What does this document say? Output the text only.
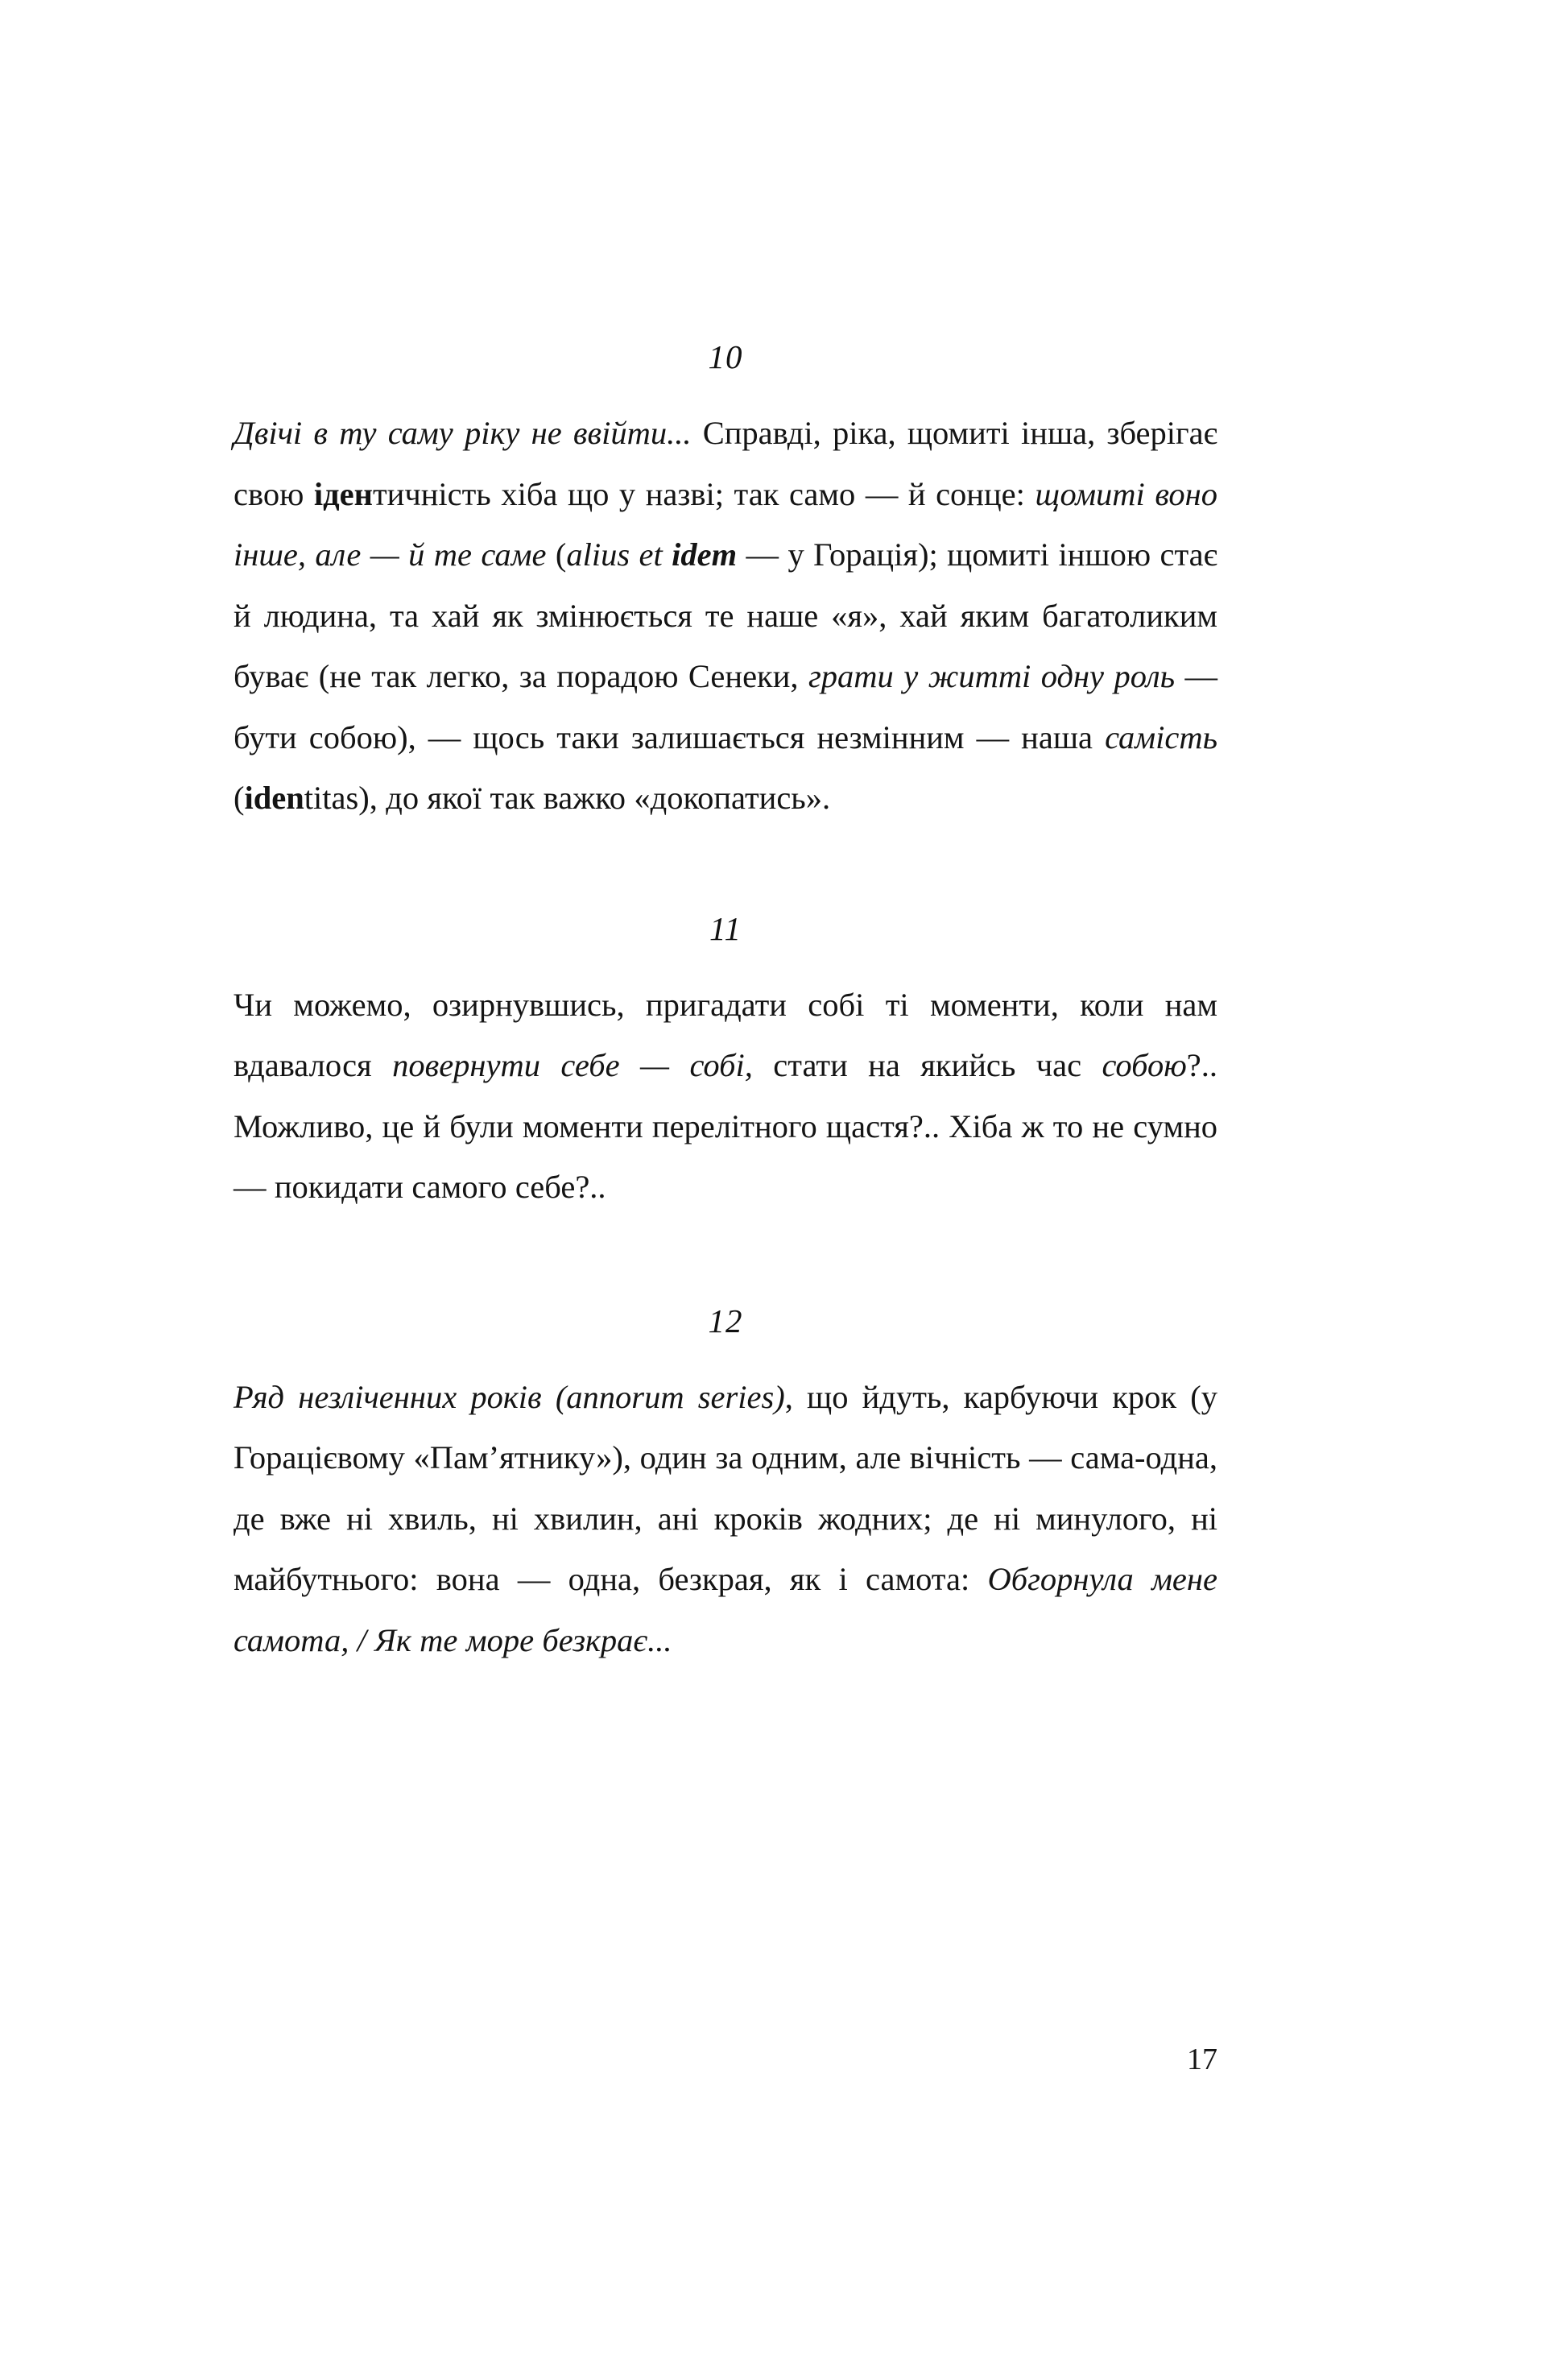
10

Двічі в ту саму ріку не ввійти... Справді, ріка, щомиті інша, зберігає свою ідентичність хіба що у назві; так само — й сонце: щомиті воно інше, але — й те саме (alius et idem — у Горація); щомиті іншою стає й людина, та хай як змінюється те наше «я», хай яким багатоликим буває (не так легко, за порадою Сенеки, грати у житті одну роль — бути собою), — щось таки залишається незмінним — наша самість (identitas), до якої так важко «докопатись».

11

Чи можемо, озирнувшись, пригадати собі ті моменти, коли нам вдавалося повернути себе — собі, стати на якийсь час собою?.. Можливо, це й були моменти перелітного щастя?.. Хіба ж то не сумно — покидати самого себе?..

12

Ряд незліченних років (annorum series), що йдуть, карбуючи крок (у Горацієвому «Пам’ятнику»), один за одним, але вічність — сама-одна, де вже ні хвиль, ні хвилин, ані кроків жодних; де ні минулого, ні майбутнього: вона — одна, безкрая, як і самота: Обгорнула мене самота, / Як те море безкрає...

17
